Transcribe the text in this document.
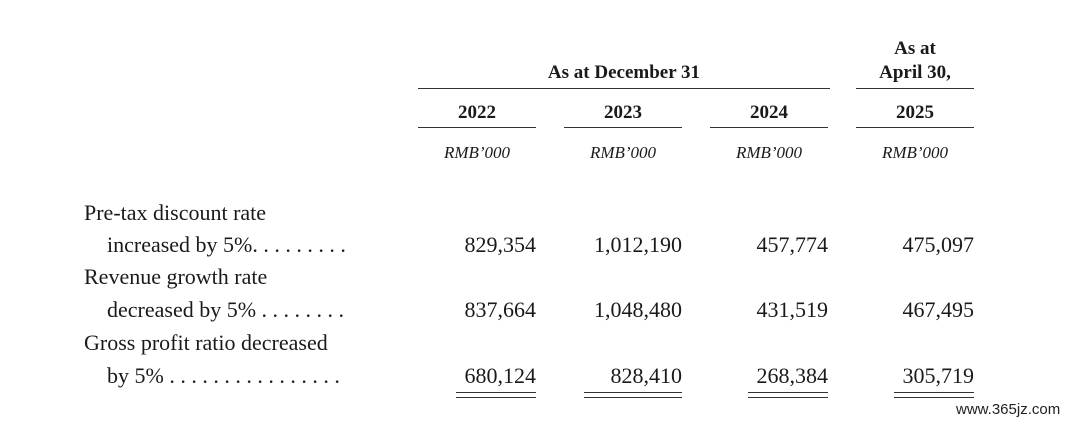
As at December 31
As at
April 30,
2022	2023	2024	2025
RMB’000	RMB’000	RMB’000	RMB’000
Pre-tax discount rate
increased by 5%. . . . . . . . .	829,354	1,012,190	457,774	475,097
Revenue growth rate
decreased by 5% . . . . . . . .	837,664	1,048,480	431,519	467,495
Gross profit ratio decreased
by 5% . . . . . . . . . . . . . . . .	680,124	828,410	268,384	305,719
www.365jz.com
